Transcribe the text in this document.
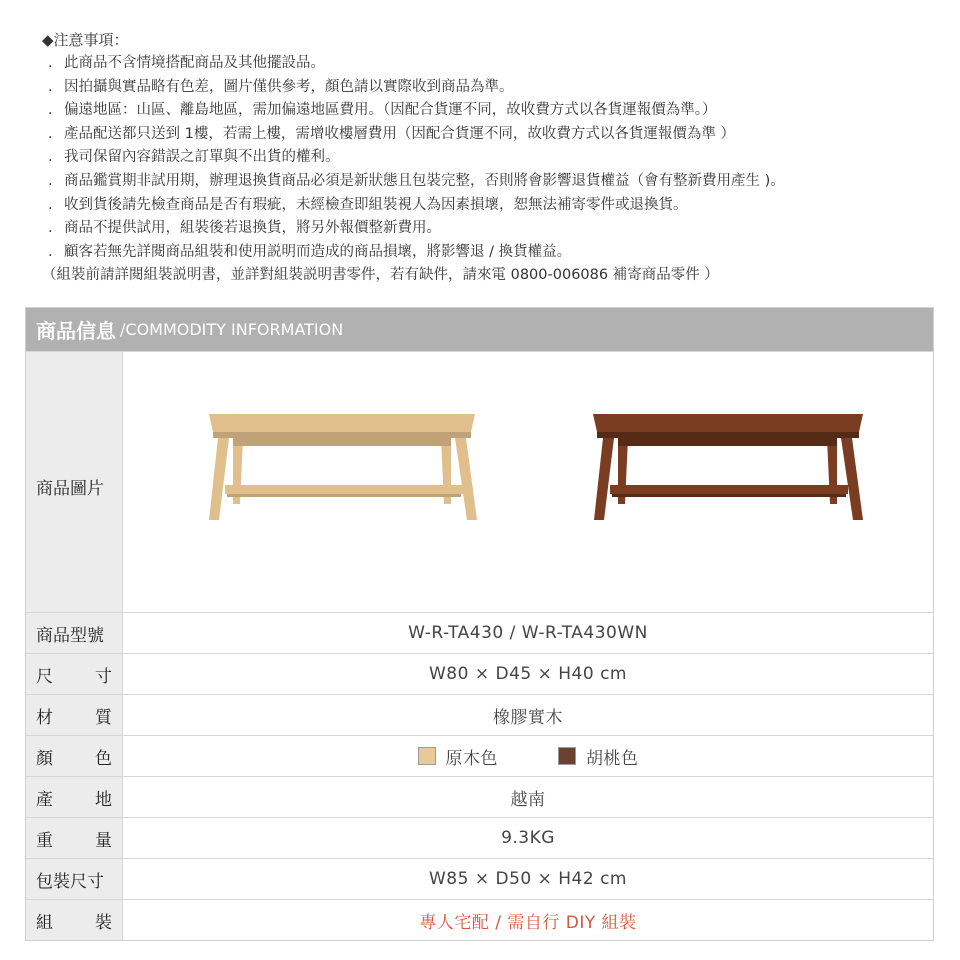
◆注意事項：
. 此商品不含情境搭配商品及其他擺設品。
. 因拍攝與實品略有色差，圖片僅供參考，顏色請以實際收到商品為準。
. 偏遠地區：山區、離島地區，需加偏遠地區費用。（因配合貨運不同，故收費方式以各貨運報價為準。）
. 產品配送都只送到 1樓，若需上樓，需增收樓層費用（因配合貨運不同，故收費方式以各貨運報價為準 ）
. 我司保留內容錯誤之訂單與不出貨的權利。
. 商品鑑賞期非試用期，辦理退換貨商品必須是新狀態且包裝完整，否則將會影響退貨權益（會有整新費用產生 )。
. 收到貨後請先檢查商品是否有瑕疵，未經檢查即組裝視人為因素損壞，恕無法補寄零件或退換貨。
. 商品不提供試用，組裝後若退換貨，將另外報價整新費用。
. 顧客若無先詳閱商品組裝和使用説明而造成的商品損壞，將影響退 / 換貨權益。
（組裝前請詳閱組裝説明書，並詳對組裝説明書零件，若有缺件，請來電 0800-006086 補寄商品零件 ）
商品信息 /COMMODITY INFORMATION
商品圖片
商品型號	W-R-TA430 / W-R-TA430WN
尺 寸	W80 × D45 × H40 cm
材 質	橡膠實木
顏 色	原木色	胡桃色
產 地	越南
重 量	9.3KG
包裝尺寸	W85 × D50 × H42 cm
組 裝	專人宅配 / 需自行 DIY 組裝
